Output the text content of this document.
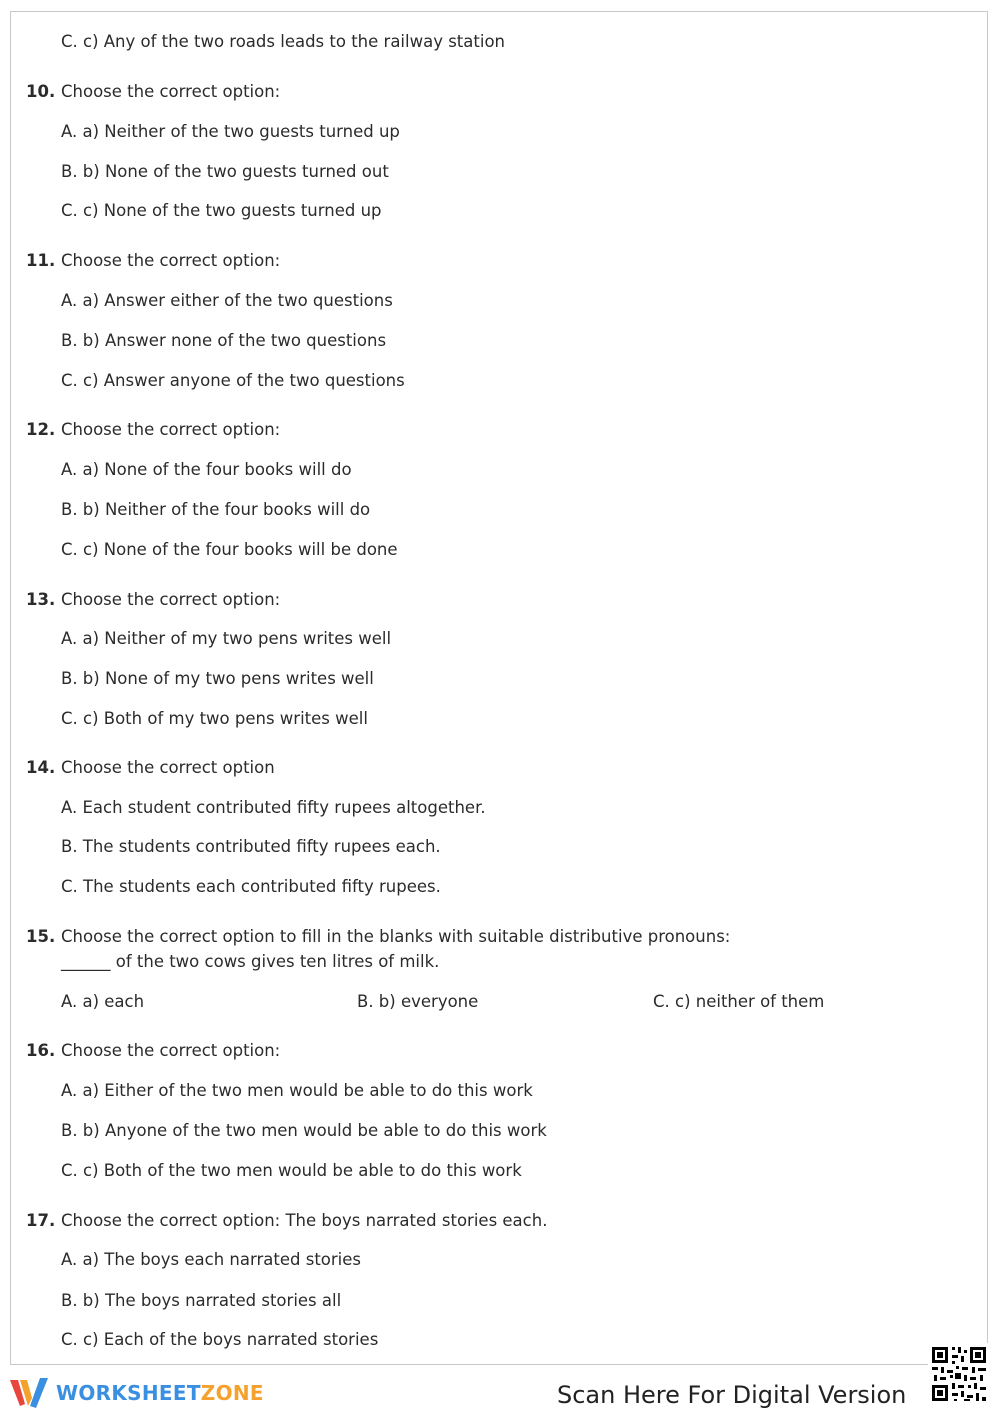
C. c) Any of the two roads leads to the railway station
10. Choose the correct option:
A. a) Neither of the two guests turned up
B. b) None of the two guests turned out
C. c) None of the two guests turned up
11. Choose the correct option:
A. a) Answer either of the two questions
B. b) Answer none of the two questions
C. c) Answer anyone of the two questions
12. Choose the correct option:
A. a) None of the four books will do
B. b) Neither of the four books will do
C. c) None of the four books will be done
13. Choose the correct option:
A. a) Neither of my two pens writes well
B. b) None of my two pens writes well
C. c) Both of my two pens writes well
14. Choose the correct option
A. Each student contributed fifty rupees altogether.
B. The students contributed fifty rupees each.
C. The students each contributed fifty rupees.
15. Choose the correct option to fill in the blanks with suitable distributive pronouns:
______ of the two cows gives ten litres of milk.
A. a) each	B. b) everyone	C. c) neither of them
16. Choose the correct option:
A. a) Either of the two men would be able to do this work
B. b) Anyone of the two men would be able to do this work
C. c) Both of the two men would be able to do this work
17. Choose the correct option: The boys narrated stories each.
A. a) The boys each narrated stories
B. b) The boys narrated stories all
C. c) Each of the boys narrated stories
WORKSHEETZONE	Scan Here For Digital Version
